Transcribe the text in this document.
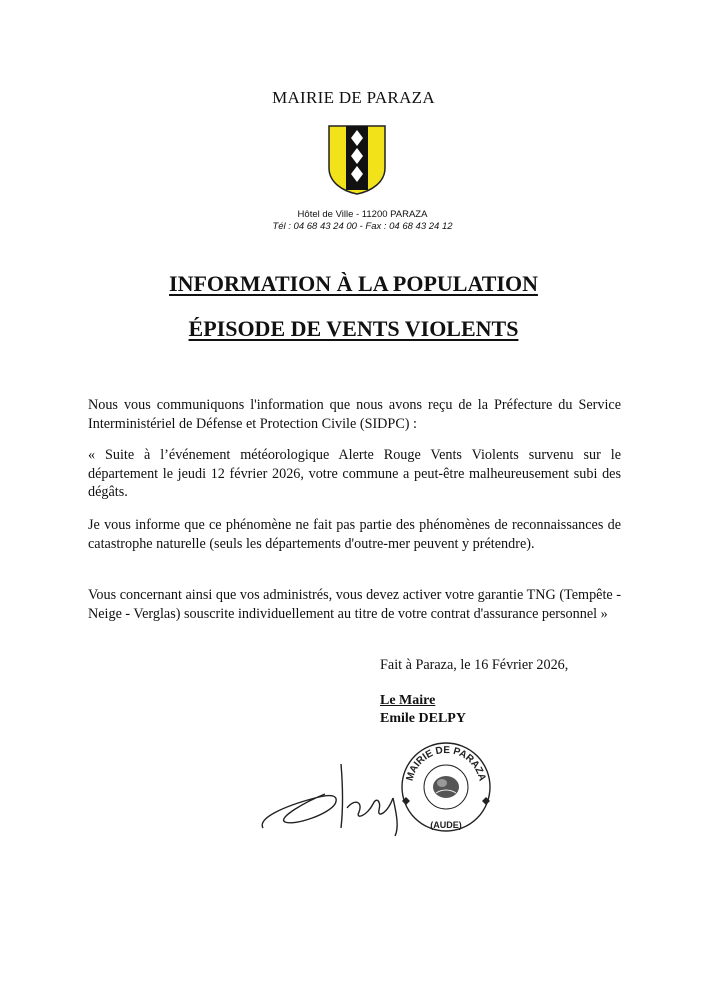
MAIRIE DE PARAZA
Hôtel de Ville - 11200 PARAZA
Tél : 04 68 43 24 00 - Fax : 04 68 43 24 12
INFORMATION À LA POPULATION
ÉPISODE DE VENTS VIOLENTS
Nous vous communiquons l'information que nous avons reçu de la Préfecture du Service Interministériel de Défense et Protection Civile (SIDPC) :
« Suite à l’événement météorologique Alerte Rouge Vents Violents survenu sur le département le jeudi 12 février 2026, votre commune a peut-être malheureusement subi des dégâts.
Je vous informe que ce phénomène ne fait pas partie des phénomènes de reconnaissances de catastrophe naturelle (seuls les départements d'outre-mer peuvent y prétendre).
Vous concernant ainsi que vos administrés, vous devez activer votre garantie TNG (Tempête - Neige - Verglas) souscrite individuellement au titre de votre contrat d'assurance personnel »
Fait à Paraza, le 16 Février 2026,
Le Maire
Emile DELPY
MAIRIE DE PARAZA
(AUDE)
